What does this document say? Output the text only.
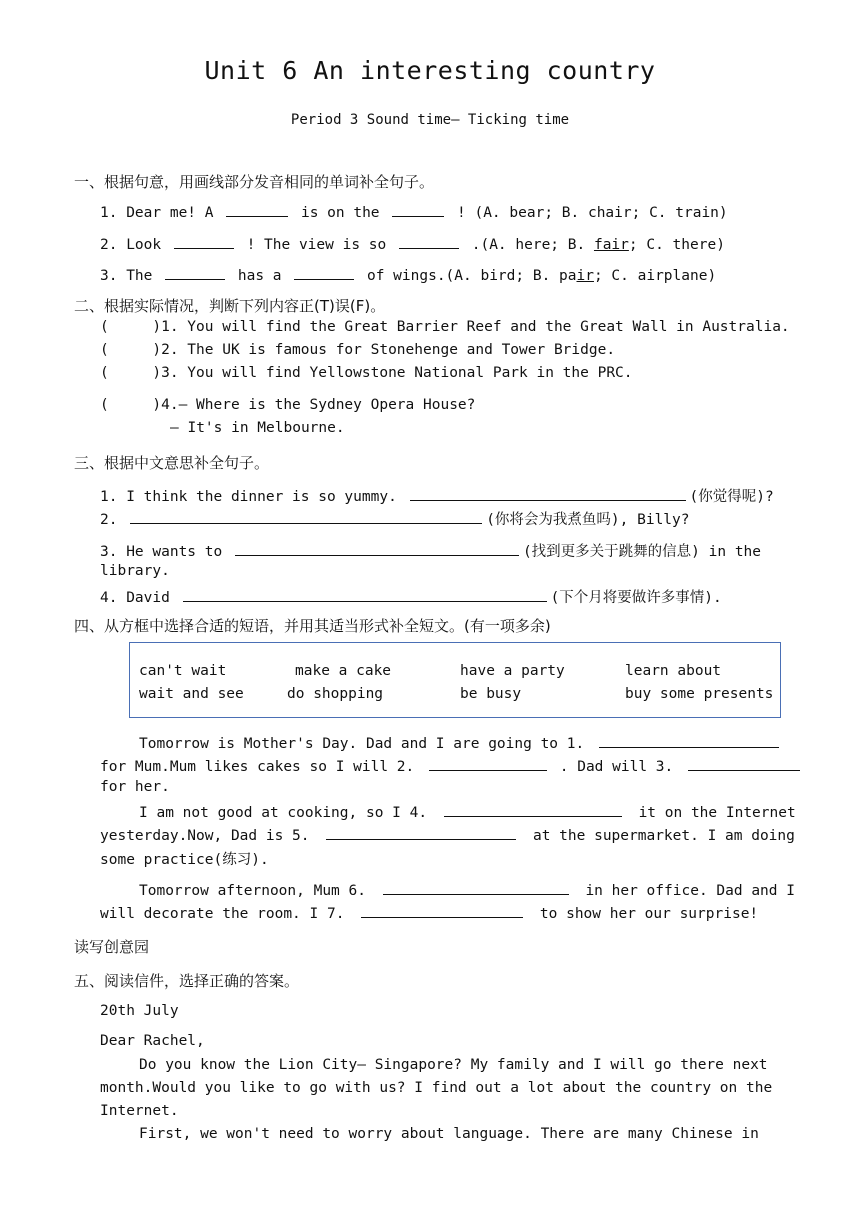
Unit 6 An interesting country
Period 3 Sound time– Ticking time
一、根据句意，用画线部分发音相同的单词补全句子。
1. Dear me! A	is on the	! (A. bear; B. chair; C. train)
2. Look	! The view is so	.(A. here; B. fair; C. there)
3. The	has a	of wings.(A. bird; B. pair; C. airplane)
二、根据实际情况，判断下列内容正(T)误(F)。
(     )1. You will find the Great Barrier Reef and the Great Wall in Australia.
(     )2. The UK is famous for Stonehenge and Tower Bridge.
(     )3. You will find Yellowstone National Park in the PRC.
(     )4.— Where is the Sydney Opera House?
— It's in Melbourne.
三、根据中文意思补全句子。
1. I think the dinner is so yummy.	(你觉得呢)?
2.	(你将会为我煮鱼吗), Billy?
3. He wants to	(找到更多关于跳舞的信息) in the
library.
4. David	(下个月将要做许多事情).
四、从方框中选择合适的短语，并用其适当形式补全短文。(有一项多余)
can't wait	make a cake	have a party	learn about
wait and see	do shopping	be busy	buy some presents
Tomorrow is Mother's Day. Dad and I are going to 1.
for Mum.Mum likes cakes so I will 2.	. Dad will 3.
for her.
I am not good at cooking, so I 4.	it on the Internet
yesterday.Now, Dad is 5.	at the supermarket. I am doing
some practice(练习).
Tomorrow afternoon, Mum 6.	in her office. Dad and I
will decorate the room. I 7.	to show her our surprise!
读写创意园
五、阅读信件，选择正确的答案。
20th July
Dear Rachel,
Do you know the Lion City— Singapore? My family and I will go there next
month.Would you like to go with us? I find out a lot about the country on the
Internet.
First, we won't need to worry about language. There are many Chinese in
